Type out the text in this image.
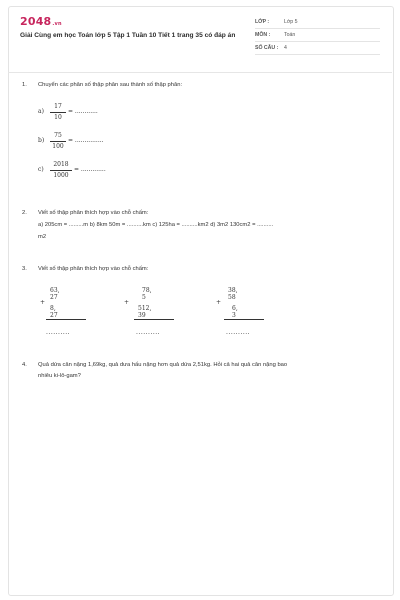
2048.vn
Giải Cùng em học Toán lớp 5 Tập 1 Tuần 10 Tiết 1 trang 35 có đáp án
LỚP :	Lớp 5
MÔN :	Toán
SỐ CÂU : 4
1. Chuyển các phân số thập phân sau thành số thập phân:
a)
17
10
= ............
b)
75
100
= ...............
c)
2018
1000
= .............
2. Viết số thập phân thích hợp vào chỗ chấm:
a) 205cm = .........m b) 8km 50m = ..........km c) 125ha = ..........km2 d) 3m2 130cm2 = ..........
m2
3. Viết số thập phân thích hợp vào chỗ chấm:
+
63, 27
8, 27
..........
+
78, 5
512, 39
..........
+
38, 58
6, 3
..........
4. Quả dứa cân nặng 1,69kg, quả dưa hấu nặng hơn quả dứa 2,51kg. Hỏi cả hai quả cân nặng bao
nhiêu ki-lô-gam?
